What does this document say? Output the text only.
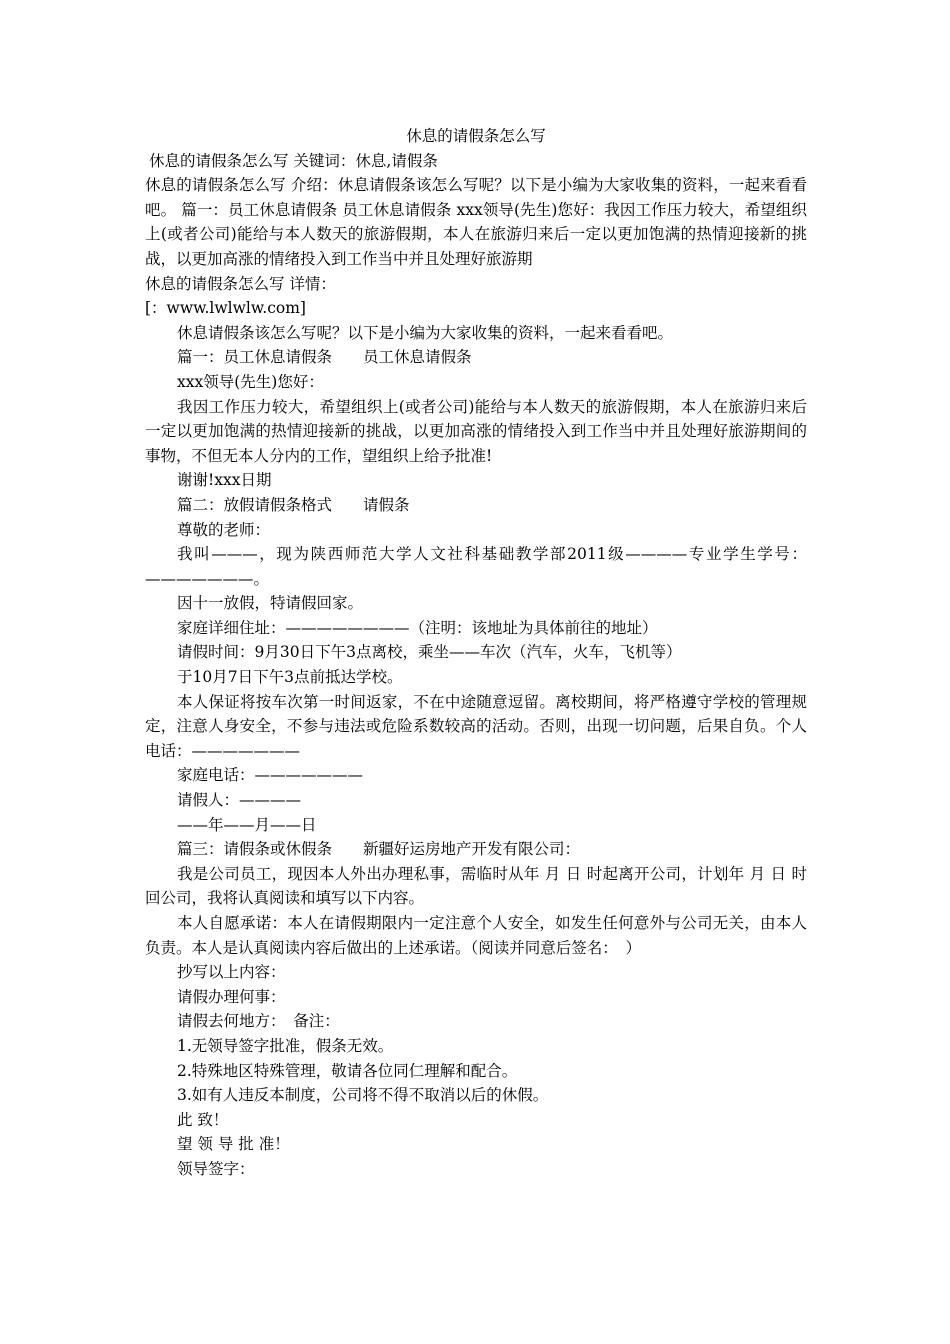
休息的请假条怎么写

休息的请假条怎么写 关键词：休息,请假条

休息的请假条怎么写 介绍：休息请假条该怎么写呢？以下是小编为大家收集的资料，一起来看看吧。 篇一：员工休息请假条 员工休息请假条 xxx领导(先生)您好：我因工作压力较大，希望组织上(或者公司)能给与本人数天的旅游假期，本人在旅游归来后一定以更加饱满的热情迎接新的挑战，以更加高涨的情绪投入到工作当中并且处理好旅游期

休息的请假条怎么写 详情：

[：www.lwlwlw.com]

休息请假条该怎么写呢？以下是小编为大家收集的资料，一起来看看吧。

篇一：员工休息请假条　　员工休息请假条

xxx领导(先生)您好：

我因工作压力较大，希望组织上(或者公司)能给与本人数天的旅游假期，本人在旅游归来后一定以更加饱满的热情迎接新的挑战，以更加高涨的情绪投入到工作当中并且处理好旅游期间的事物，不但无本人分内的工作，望组织上给予批准!

谢谢!xxx日期

篇二：放假请假条格式　　请假条

尊敬的老师：

我叫———，现为陕西师范大学人文社科基础教学部2011级————专业学生学号：———————。

因十一放假，特请假回家。

家庭详细住址：————————（注明：该地址为具体前往的地址）

请假时间：9月30日下午3点离校，乘坐——车次（汽车，火车，飞机等）

于10月7日下午3点前抵达学校。

本人保证将按车次第一时间返家，不在中途随意逗留。离校期间，将严格遵守学校的管理规定，注意人身安全，不参与违法或危险系数较高的活动。否则，出现一切问题，后果自负。个人电话：———————

家庭电话：———————

请假人：————

——年——月——日

篇三：请假条或休假条　　新疆好运房地产开发有限公司：

我是公司员工，现因本人外出办理私事，需临时从年 月 日 时起离开公司，计划年 月 日 时回公司，我将认真阅读和填写以下内容。

本人自愿承诺：本人在请假期限内一定注意个人安全，如发生任何意外与公司无关，由本人负责。本人是认真阅读内容后做出的上述承诺。（阅读并同意后签名：　）

抄写以上内容：

请假办理何事：

请假去何地方：　备注：

1.无领导签字批准，假条无效。

2.特殊地区特殊管理，敬请各位同仁理解和配合。

3.如有人违反本制度，公司将不得不取消以后的休假。

此 致！

望 领 导 批 准！

领导签字：
